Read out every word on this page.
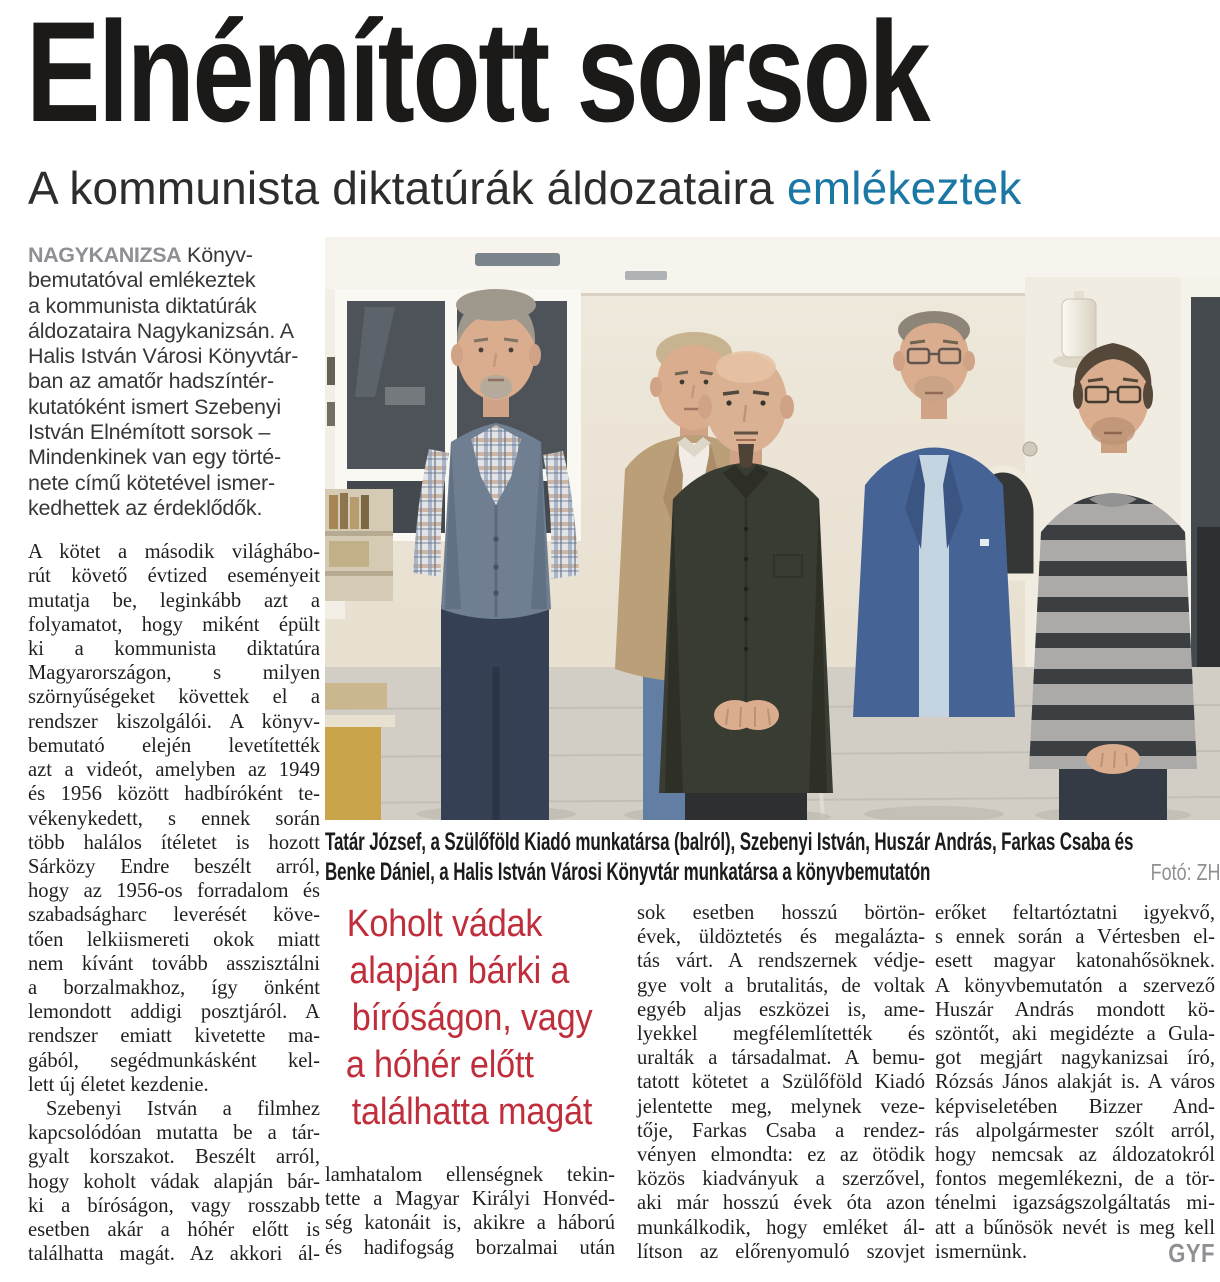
Elnémított sorsok
A kommunista diktatúrák áldozataira emlékeztek
Tatár József, a Szülőföld Kiadó munkatársa (balról), Szebenyi István, Huszár András, Farkas Csaba és
Benke Dániel, a Halis István Városi Könyvtár munkatársa a könyvbemutatón	Fotó: ZH
NAGYKANIZSA Könyv-
bemutatóval emlékeztek
a kommunista diktatúrák
áldozataira Nagykanizsán. A
Halis István Városi Könyvtár-
ban az amatőr hadszíntér-
kutatóként ismert Szebenyi
István Elnémított sorsok –
Mindenkinek van egy törté-
nete című kötetével ismer-
kedhettek az érdeklődők.
A kötet a második világhábo-
rút követő évtized eseményeit
mutatja be, leginkább azt a
folyamatot, hogy miként épült
ki a kommunista diktatúra
Magyarországon, s milyen
szörnyűségeket követtek el a
rendszer kiszolgálói. A könyv-
bemutató elején levetítették
azt a videót, amelyben az 1949
és 1956 között hadbíróként te-
vékenykedett, s ennek során
több halálos ítéletet is hozott
Sárközy Endre beszélt arról,
hogy az 1956-os forradalom és
szabadságharc leverését köve-
tően lelkiismereti okok miatt
nem kívánt tovább asszisztálni
a borzalmakhoz, így önként
lemondott addigi posztjáról. A
rendszer emiatt kivetette ma-
gából, segédmunkásként kel-
lett új életet kezdenie.
Szebenyi István a filmhez
kapcsolódóan mutatta be a tár-
gyalt korszakot. Beszélt arról,
hogy koholt vádak alapján bár-
ki a bíróságon, vagy rosszabb
esetben akár a hóhér előtt is
találhatta magát. Az akkori ál-
Koholt vádak
alapján bárki a
bíróságon, vagy
a hóhér előtt
találhatta magát
lamhatalom ellenségnek tekin-
tette a Magyar Királyi Honvéd-
ség katonáit is, akikre a háború
és hadifogság borzalmai után
sok esetben hosszú börtön-
évek, üldöztetés és megalázta-
tás várt. A rendszernek védje-
gye volt a brutalitás, de voltak
egyéb aljas eszközei is, ame-
lyekkel megfélemlítették és
uralták a társadalmat. A bemu-
tatott kötetet a Szülőföld Kiadó
jelentette meg, melynek veze-
tője, Farkas Csaba a rendez-
vényen elmondta: ez az ötödik
közös kiadványuk a szerzővel,
aki már hosszú évek óta azon
munkálkodik, hogy emléket ál-
lítson az előrenyomuló szovjet	GYF
erőket feltartóztatni igyekvő,
s ennek során a Vértesben el-
esett magyar katonahősöknek.
A könyvbemutatón a szervező
Huszár András mondott kö-
szöntőt, aki megidézte a Gula-
got megjárt nagykanizsai író,
Rózsás János alakját is. A város
képviseletében Bizzer And-
rás alpolgármester szólt arról,
hogy nemcsak az áldozatokról
fontos megemlékezni, de a tör-
ténelmi igazságszolgáltatás mi-
att a bűnösök nevét is meg kell
ismernünk.
